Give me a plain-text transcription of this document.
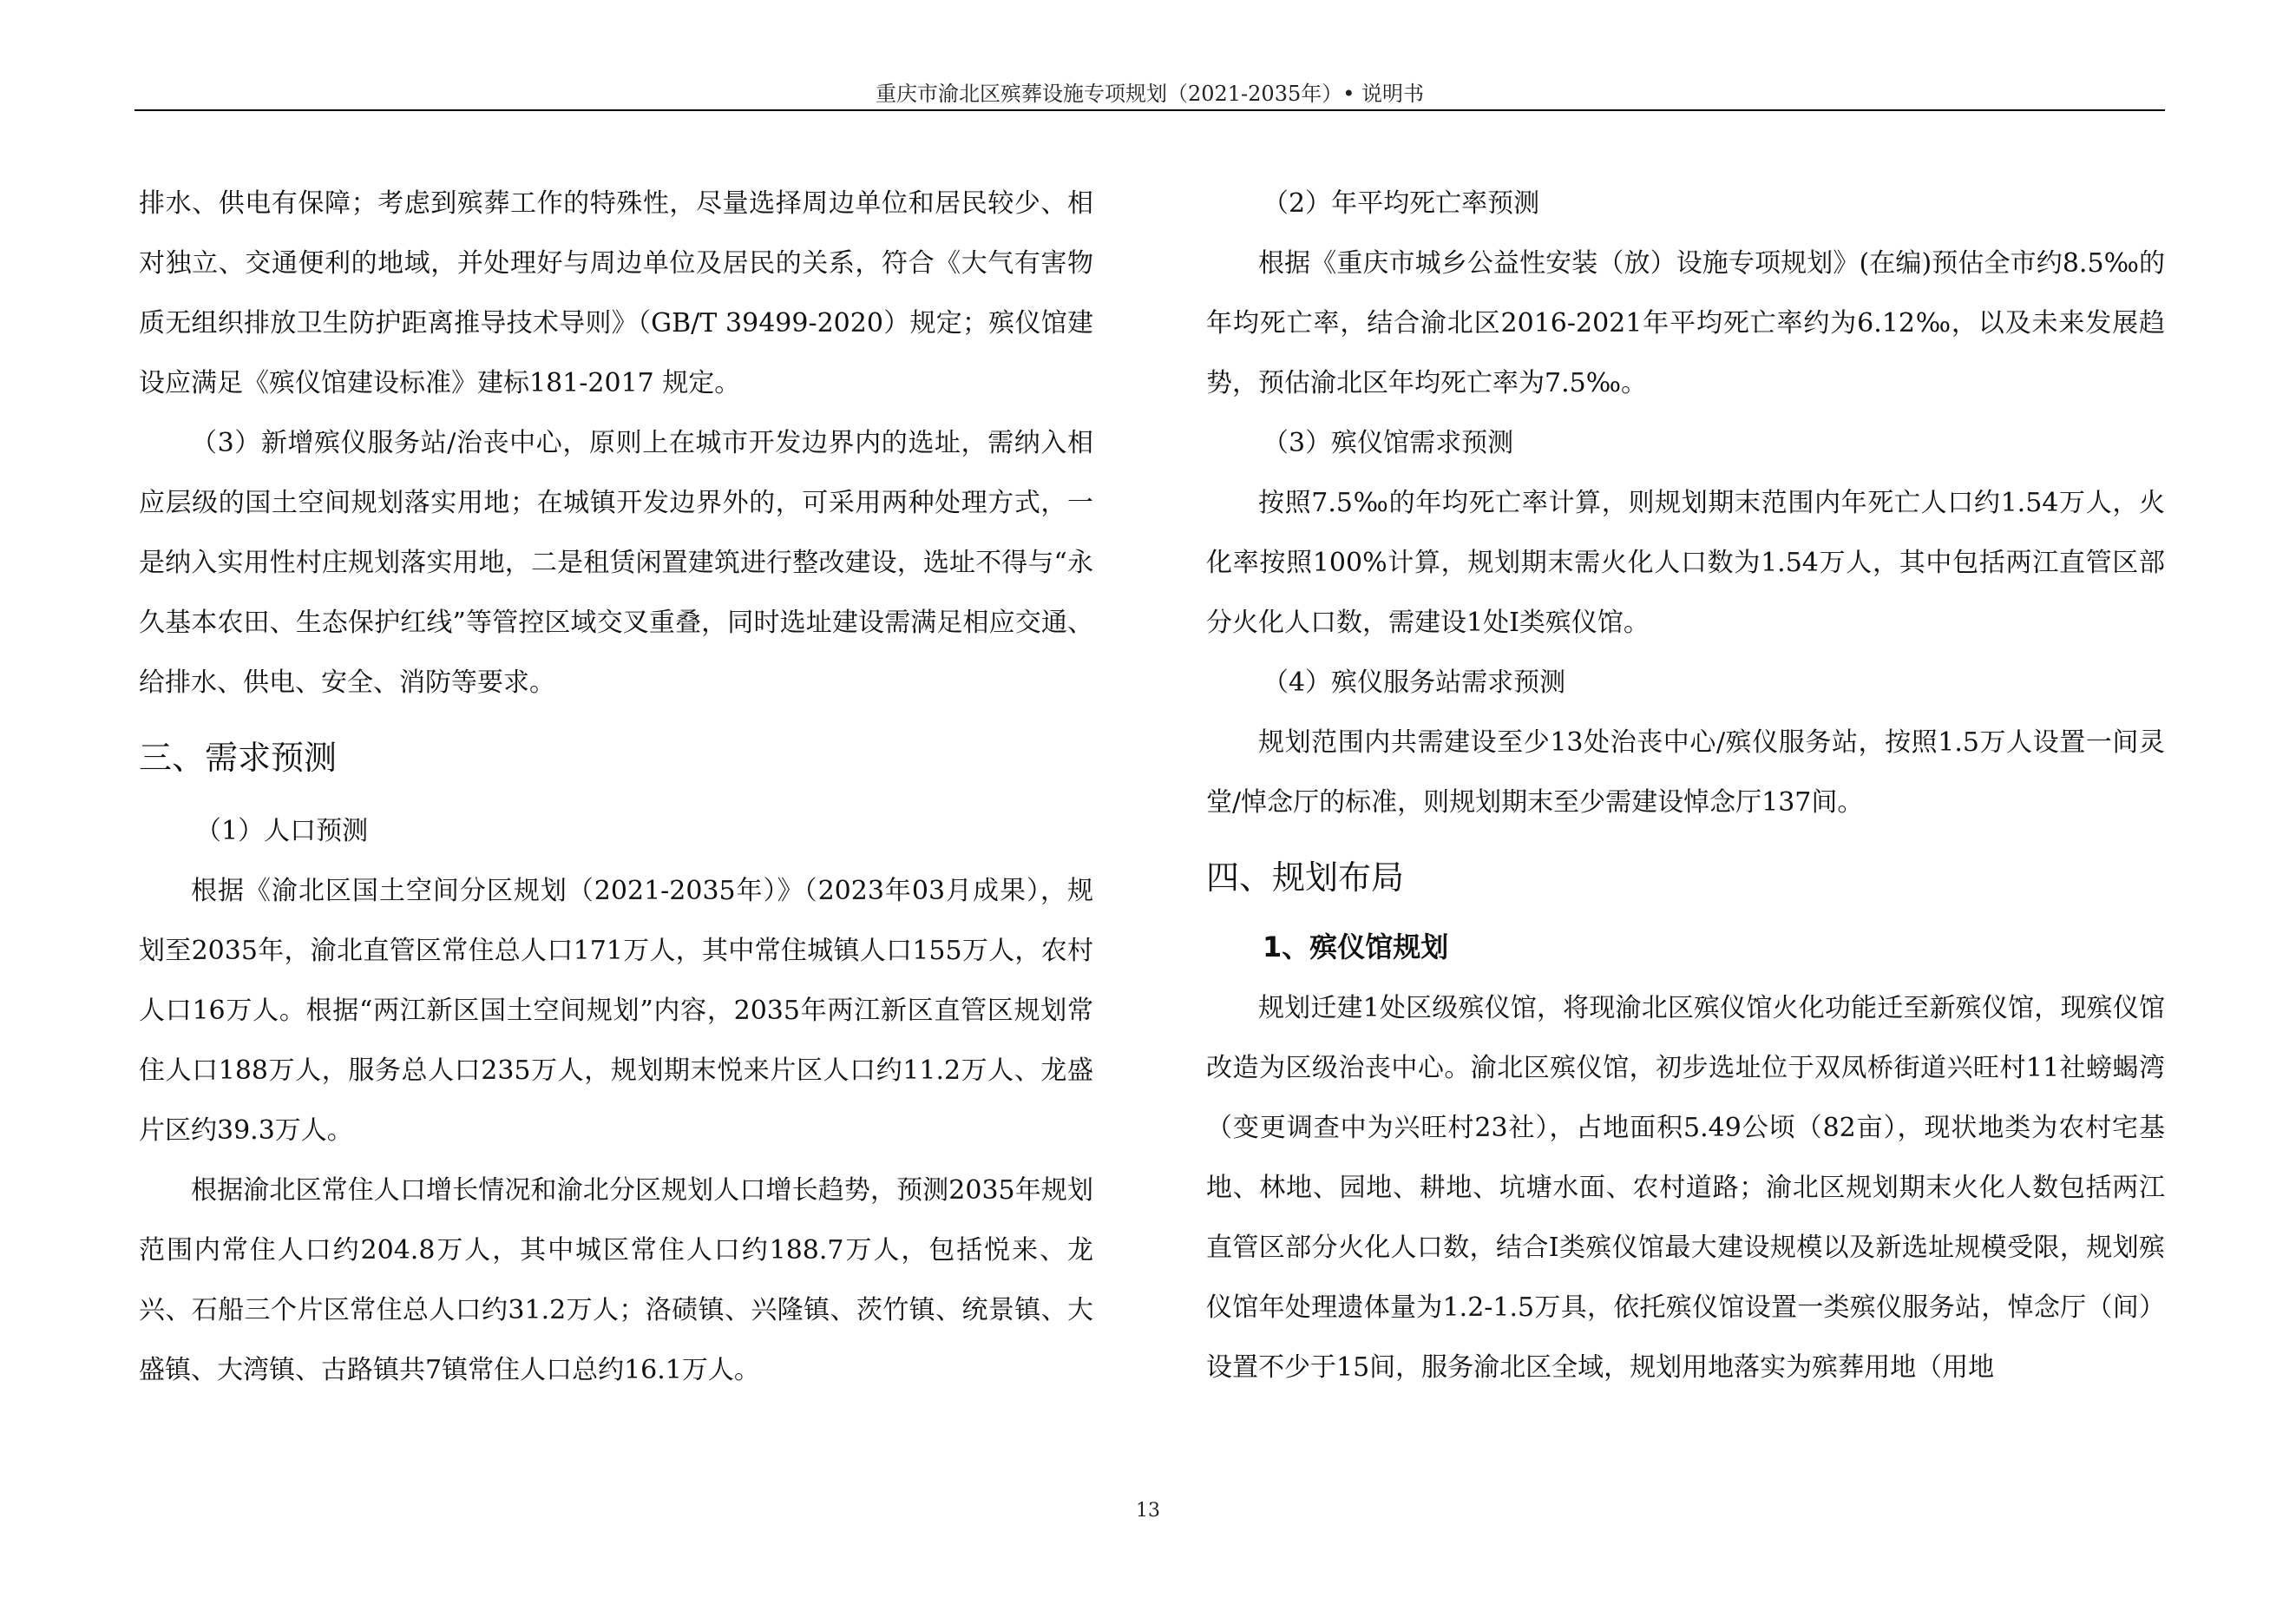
重庆市渝北区殡葬设施专项规划（2021-2035年）• 说明书

排水、供电有保障；考虑到殡葬工作的特殊性，尽量选择周边单位和居民较少、相对独立、交通便利的地域，并处理好与周边单位及居民的关系，符合《大气有害物质无组织排放卫生防护距离推导技术导则》（GB/T 39499-2020）规定；殡仪馆建设应满足《殡仪馆建设标准》建标181-2017 规定。

（3）新增殡仪服务站/治丧中心，原则上在城市开发边界内的选址，需纳入相应层级的国土空间规划落实用地；在城镇开发边界外的，可采用两种处理方式，一是纳入实用性村庄规划落实用地，二是租赁闲置建筑进行整改建设，选址不得与“永久基本农田、生态保护红线”等管控区域交叉重叠，同时选址建设需满足相应交通、给排水、供电、安全、消防等要求。

三、需求预测

（1）人口预测

根据《渝北区国土空间分区规划（2021-2035年）》（2023年03月成果），规划至2035年，渝北直管区常住总人口171万人，其中常住城镇人口155万人，农村人口16万人。根据“两江新区国土空间规划”内容，2035年两江新区直管区规划常住人口188万人，服务总人口235万人，规划期末悦来片区人口约11.2万人、龙盛片区约39.3万人。

根据渝北区常住人口增长情况和渝北分区规划人口增长趋势，预测2035年规划范围内常住人口约204.8万人，其中城区常住人口约188.7万人，包括悦来、龙兴、石船三个片区常住总人口约31.2万人；洛碛镇、兴隆镇、茨竹镇、统景镇、大盛镇、大湾镇、古路镇共7镇常住人口总约16.1万人。

（2）年平均死亡率预测

根据《重庆市城乡公益性安装（放）设施专项规划》(在编)预估全市约8.5‰的年均死亡率，结合渝北区2016-2021年平均死亡率约为6.12‰，以及未来发展趋势，预估渝北区年均死亡率为7.5‰。

（3）殡仪馆需求预测

按照7.5‰的年均死亡率计算，则规划期末范围内年死亡人口约1.54万人，火化率按照100%计算，规划期末需火化人口数为1.54万人，其中包括两江直管区部分火化人口数，需建设1处Ⅰ类殡仪馆。

（4）殡仪服务站需求预测

规划范围内共需建设至少13处治丧中心/殡仪服务站，按照1.5万人设置一间灵堂/悼念厅的标准，则规划期末至少需建设悼念厅137间。

四、规划布局
1、殡仪馆规划

规划迁建1处区级殡仪馆，将现渝北区殡仪馆火化功能迁至新殡仪馆，现殡仪馆改造为区级治丧中心。渝北区殡仪馆，初步选址位于双凤桥街道兴旺村11社螃蝎湾（变更调查中为兴旺村23社），占地面积5.49公顷（82亩），现状地类为农村宅基地、林地、园地、耕地、坑塘水面、农村道路；渝北区规划期末火化人数包括两江直管区部分火化人口数，结合Ⅰ类殡仪馆最大建设规模以及新选址规模受限，规划殡仪馆年处理遗体量为1.2-1.5万具，依托殡仪馆设置一类殡仪服务站，悼念厅（间）设置不少于15间，服务渝北区全域，规划用地落实为殡葬用地（用地

13
